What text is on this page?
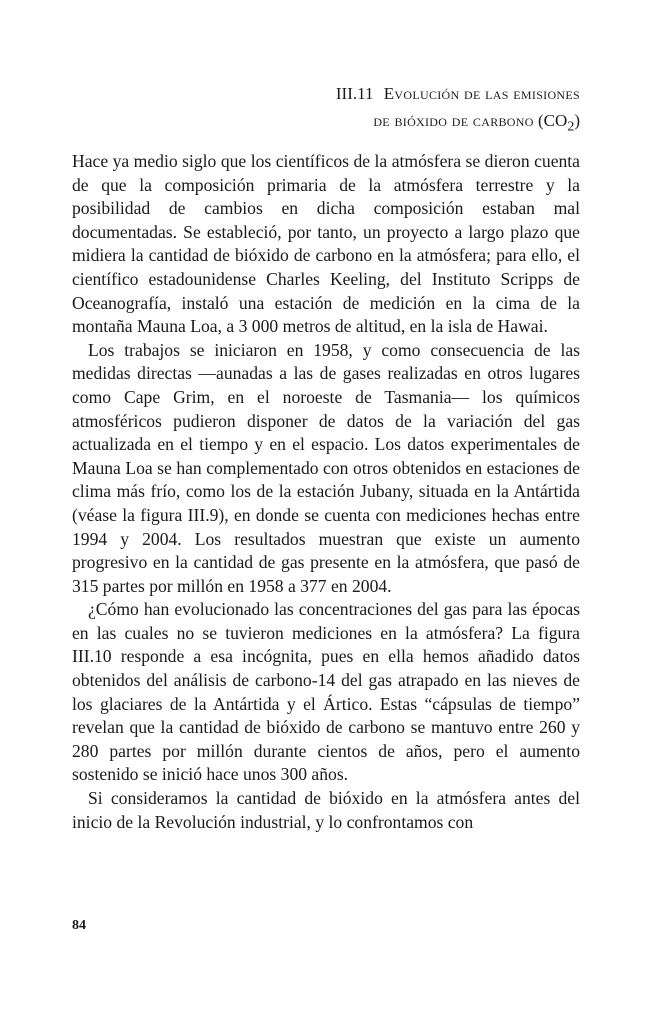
III.11 Evolución de las emisiones
de bióxido de carbono $(CO_2)$

Hace ya medio siglo que los científicos de la atmósfera se dieron cuenta de que la composición primaria de la atmósfera terrestre y la posibilidad de cambios en dicha composición estaban mal documentadas. Se estableció, por tanto, un proyecto a largo plazo que midiera la cantidad de bióxido de carbono en la atmósfera; para ello, el científico estadounidense Charles Keeling, del Instituto Scripps de Oceanografía, instaló una estación de medición en la cima de la montaña Mauna Loa, a 3 000 metros de altitud, en la isla de Hawai.

Los trabajos se iniciaron en 1958, y como consecuencia de las medidas directas —aunadas a las de gases realizadas en otros lugares como Cape Grim, en el noroeste de Tasmania— los químicos atmosféricos pudieron disponer de datos de la variación del gas actualizada en el tiempo y en el espacio. Los datos experimentales de Mauna Loa se han complementado con otros obtenidos en estaciones de clima más frío, como los de la estación Jubany, situada en la Antártida (véase la figura III.9), en donde se cuenta con mediciones hechas entre 1994 y 2004. Los resultados muestran que existe un aumento progresivo en la cantidad de gas presente en la atmósfera, que pasó de 315 partes por millón en 1958 a 377 en 2004.

¿Cómo han evolucionado las concentraciones del gas para las épocas en las cuales no se tuvieron mediciones en la atmósfera? La figura III.10 responde a esa incógnita, pues en ella hemos añadido datos obtenidos del análisis de carbono-14 del gas atrapado en las nieves de los glaciares de la Antártida y el Ártico. Estas “cápsulas de tiempo” revelan que la cantidad de bióxido de carbono se mantuvo entre 260 y 280 partes por millón durante cientos de años, pero el aumento sostenido se inició hace unos 300 años.

Si consideramos la cantidad de bióxido en la atmósfera antes del inicio de la Revolución industrial, y lo confrontamos con

84
